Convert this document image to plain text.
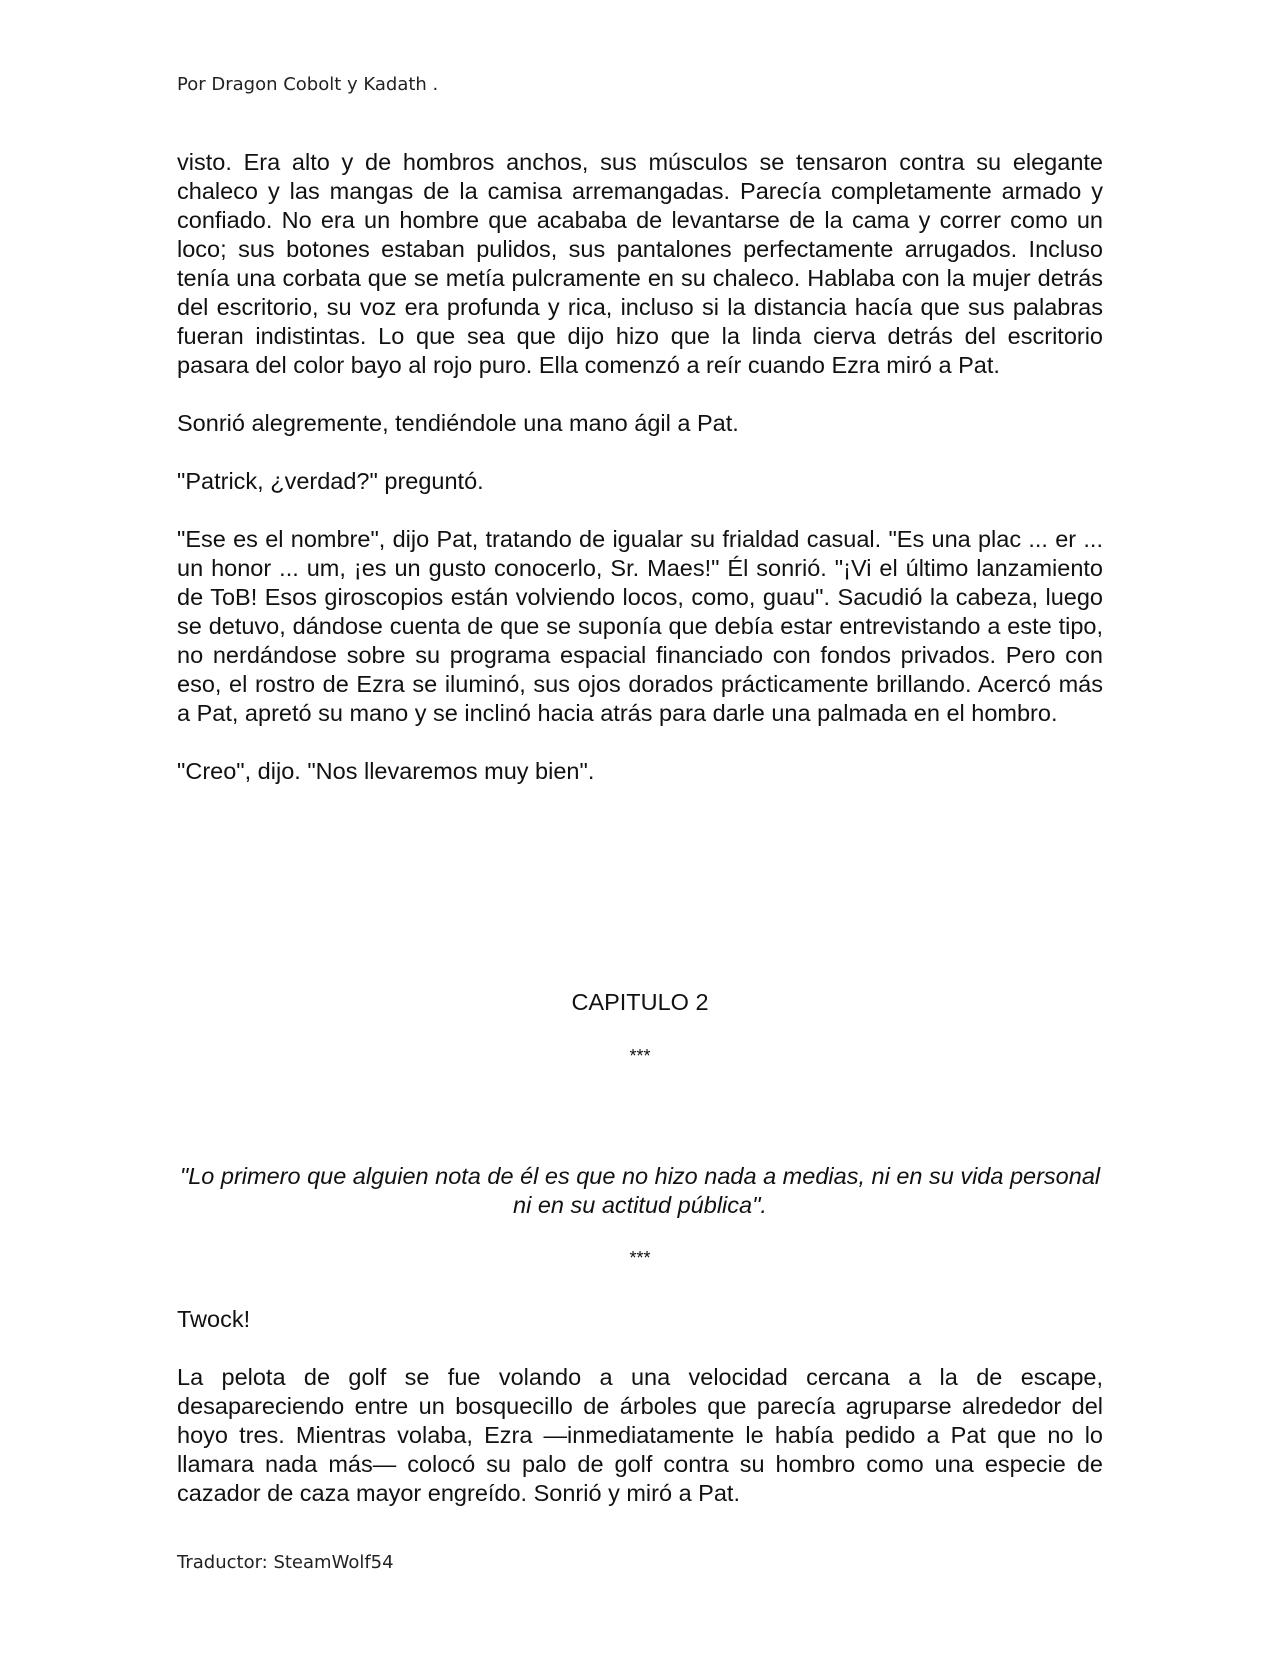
Por Dragon Cobolt y Kadath .

visto. Era alto y de hombros anchos, sus músculos se tensaron contra su elegante chaleco y las mangas de la camisa arremangadas. Parecía completamente armado y confiado. No era un hombre que acababa de levantarse de la cama y correr como un loco; sus botones estaban pulidos, sus pantalones perfectamente arrugados. Incluso tenía una corbata que se metía pulcramente en su chaleco. Hablaba con la mujer detrás del escritorio, su voz era profunda y rica, incluso si la distancia hacía que sus palabras fueran indistintas. Lo que sea que dijo hizo que la linda cierva detrás del escritorio pasara del color bayo al rojo puro. Ella comenzó a reír cuando Ezra miró a Pat.

Sonrió alegremente, tendiéndole una mano ágil a Pat.

"Patrick, ¿verdad?" preguntó.

"Ese es el nombre", dijo Pat, tratando de igualar su frialdad casual. "Es una plac ... er ... un honor ... um, ¡es un gusto conocerlo, Sr. Maes!" Él sonrió. "¡Vi el último lanzamiento de ToB! Esos giroscopios están volviendo locos, como, guau". Sacudió la cabeza, luego se detuvo, dándose cuenta de que se suponía que debía estar entrevistando a este tipo, no nerdándose sobre su programa espacial financiado con fondos privados. Pero con eso, el rostro de Ezra se iluminó, sus ojos dorados prácticamente brillando. Acercó más a Pat, apretó su mano y se inclinó hacia atrás para darle una palmada en el hombro.

"Creo", dijo. "Nos llevaremos muy bien".

CAPITULO 2
***
"Lo primero que alguien nota de él es que no hizo nada a medias, ni en su vida personal ni en su actitud pública".
***

Twock!

La pelota de golf se fue volando a una velocidad cercana a la de escape, desapareciendo entre un bosquecillo de árboles que parecía agruparse alrededor del hoyo tres. Mientras volaba, Ezra —inmediatamente le había pedido a Pat que no lo llamara nada más— colocó su palo de golf contra su hombro como una especie de cazador de caza mayor engreído. Sonrió y miró a Pat.

Traductor: SteamWolf54
